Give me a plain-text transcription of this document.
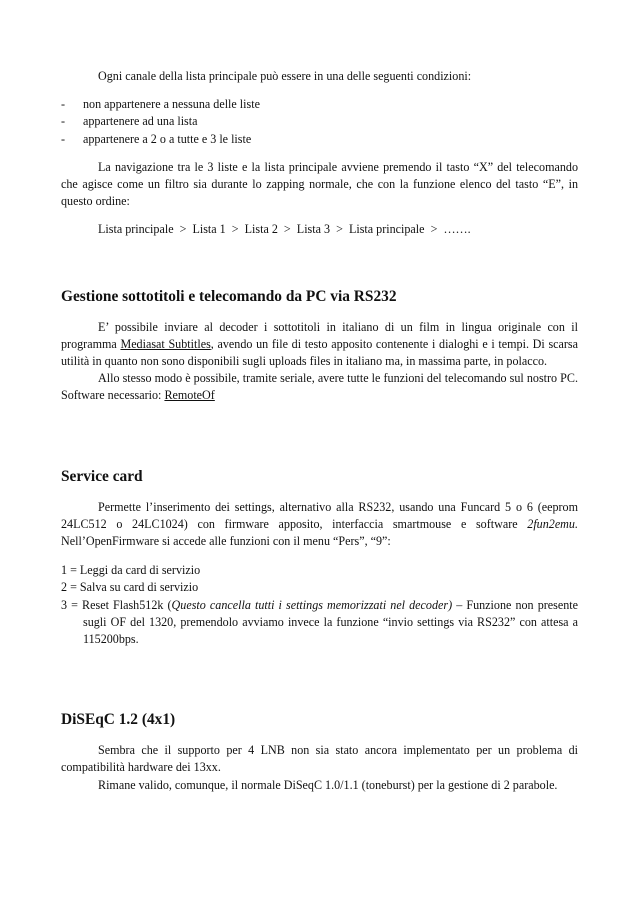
Ogni canale della lista principale può essere in una delle seguenti condizioni:

- non appartenere a nessuna delle liste
- appartenere ad una lista
- appartenere a 2 o a tutte e 3 le liste

La navigazione tra le 3 liste e la lista principale avviene premendo il tasto “X” del telecomando che agisce come un filtro sia durante lo zapping normale, che con la funzione elenco del tasto “E”, in questo ordine:

Lista principale  >  Lista 1  >  Lista 2  >  Lista 3  >  Lista principale  >  …….
Gestione sottotitoli e telecomando da PC via RS232

E’ possibile inviare al decoder i sottotitoli in italiano di un film in lingua originale con il programma Mediasat Subtitles, avendo un file di testo apposito contenente i dialoghi e i tempi. Di scarsa utilità in quanto non sono disponibili sugli uploads files in italiano ma, in massima parte, in polacco.

Allo stesso modo è possibile, tramite seriale, avere tutte le funzioni del telecomando sul nostro PC. Software necessario: RemoteOf

Service card

Permette l’inserimento dei settings, alternativo alla RS232, usando una Funcard 5 o 6 (eeprom 24LC512 o 24LC1024) con firmware apposito, interfaccia smartmouse e software 2fun2emu. Nell’OpenFirmware si accede alle funzioni con il menu “Pers”, “9”:

1 = Leggi da card di servizio

2 = Salva su card di servizio

3 = Reset Flash512k (Questo cancella tutti i settings memorizzati nel decoder) – Funzione non presente sugli OF del 1320, premendolo avviamo invece la funzione “invio settings via RS232” con attesa a 115200bps.

DiSEqC 1.2 (4x1)

Sembra che il supporto per 4 LNB non sia stato ancora implementato per un problema di compatibilità hardware dei 13xx.

Rimane valido, comunque, il normale DiSeqC 1.0/1.1 (toneburst) per la gestione di 2 parabole.
